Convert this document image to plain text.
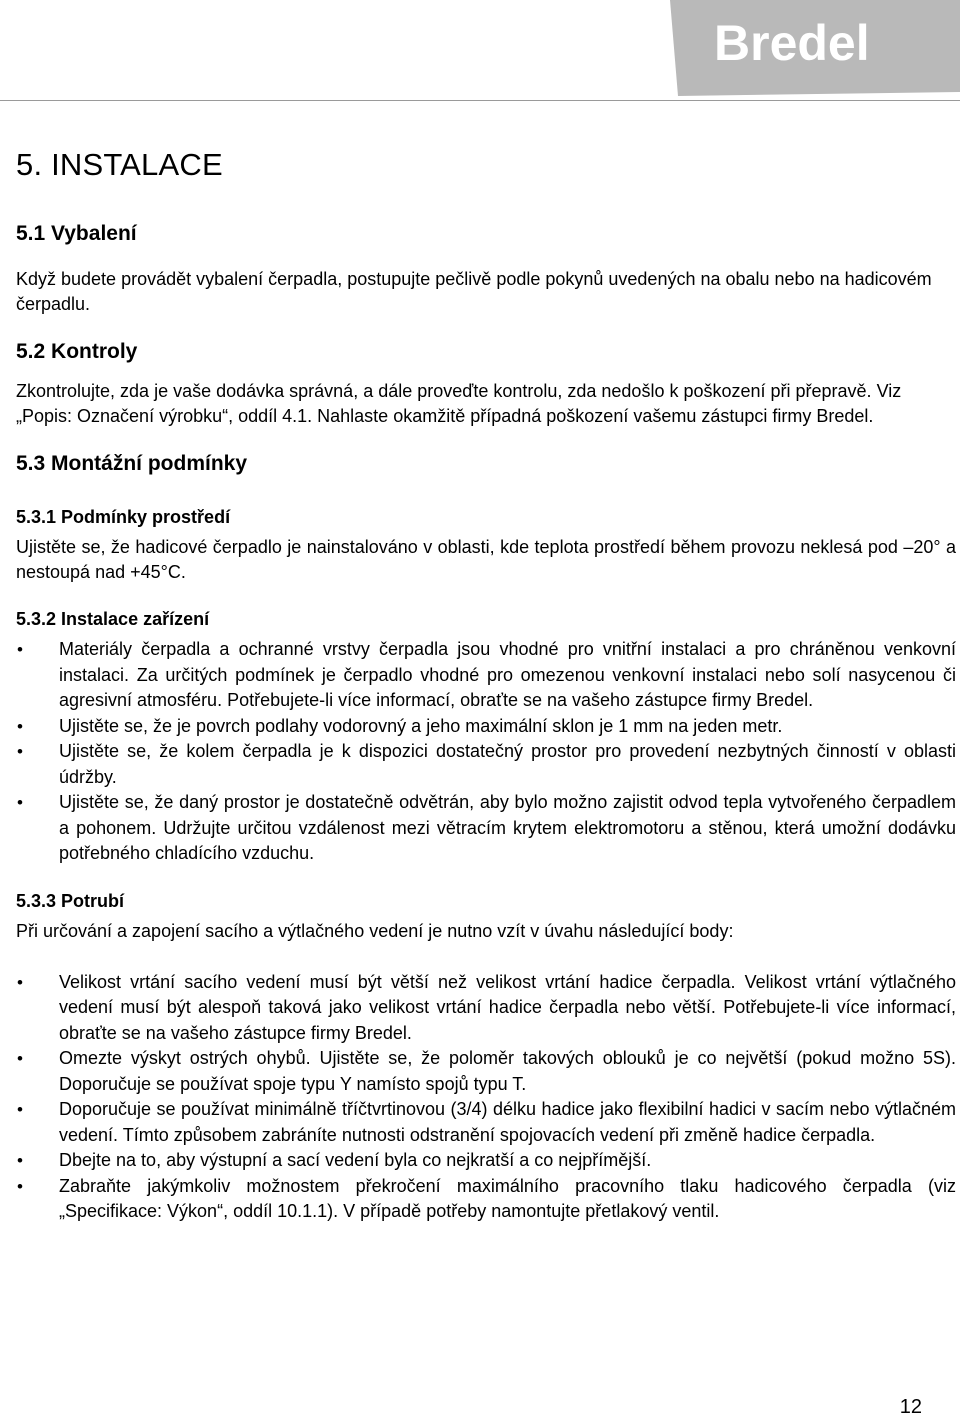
Bredel
5. INSTALACE
5.1 Vybalení

Když budete provádět vybalení čerpadla, postupujte pečlivě podle pokynů uvedených na obalu nebo na hadicovém čerpadlu.

5.2 Kontroly

Zkontrolujte, zda je vaše dodávka správná, a dále proveďte kontrolu, zda nedošlo k poškození při přepravě. Viz „Popis: Označení výrobku“, oddíl 4.1. Nahlaste okamžitě případná poškození vašemu zástupci firmy Bredel.

5.3 Montážní podmínky
5.3.1 Podmínky prostředí

Ujistěte se, že hadicové čerpadlo je nainstalováno v oblasti, kde teplota prostředí během provozu neklesá pod –20° a nestoupá nad +45°C.

5.3.2 Instalace zařízení
• Materiály čerpadla a ochranné vrstvy čerpadla jsou vhodné pro vnitřní instalaci a pro chráněnou venkovní instalaci. Za určitých podmínek je čerpadlo vhodné pro omezenou venkovní instalaci nebo solí nasycenou či agresivní atmosféru. Potřebujete-li více informací, obraťte se na vašeho zástupce firmy Bredel.
• Ujistěte se, že je povrch podlahy vodorovný a jeho maximální sklon je 1 mm na jeden metr.
• Ujistěte se, že kolem čerpadla je k dispozici dostatečný prostor pro provedení nezbytných činností v oblasti údržby.
• Ujistěte se, že daný prostor je dostatečně odvětrán, aby bylo možno zajistit odvod tepla vytvořeného čerpadlem a pohonem. Udržujte určitou vzdálenost mezi větracím krytem elektromotoru a stěnou, která umožní dodávku potřebného chladícího vzduchu.
5.3.3 Potrubí

Při určování a zapojení sacího a výtlačného vedení je nutno vzít v úvahu následující body:

• Velikost vrtání sacího vedení musí být větší než velikost vrtání hadice čerpadla. Velikost vrtání výtlačného vedení musí být alespoň taková jako velikost vrtání hadice čerpadla nebo větší. Potřebujete-li více informací, obraťte se na vašeho zástupce firmy Bredel.
• Omezte výskyt ostrých ohybů. Ujistěte se, že poloměr takových oblouků je co největší (pokud možno 5S). Doporučuje se používat spoje typu Y namísto spojů typu T.
• Doporučuje se používat minimálně tříčtvrtinovou (3/4) délku hadice jako flexibilní hadici v sacím nebo výtlačném vedení. Tímto způsobem zabráníte nutnosti odstranění spojovacích vedení při změně hadice čerpadla.
• Dbejte na to, aby výstupní a sací vedení byla co nejkratší a co nejpřímější.
• Zabraňte jakýmkoliv možnostem překročení maximálního pracovního tlaku hadicového čerpadla (viz „Specifikace: Výkon“, oddíl 10.1.1). V případě potřeby namontujte přetlakový ventil.
12
